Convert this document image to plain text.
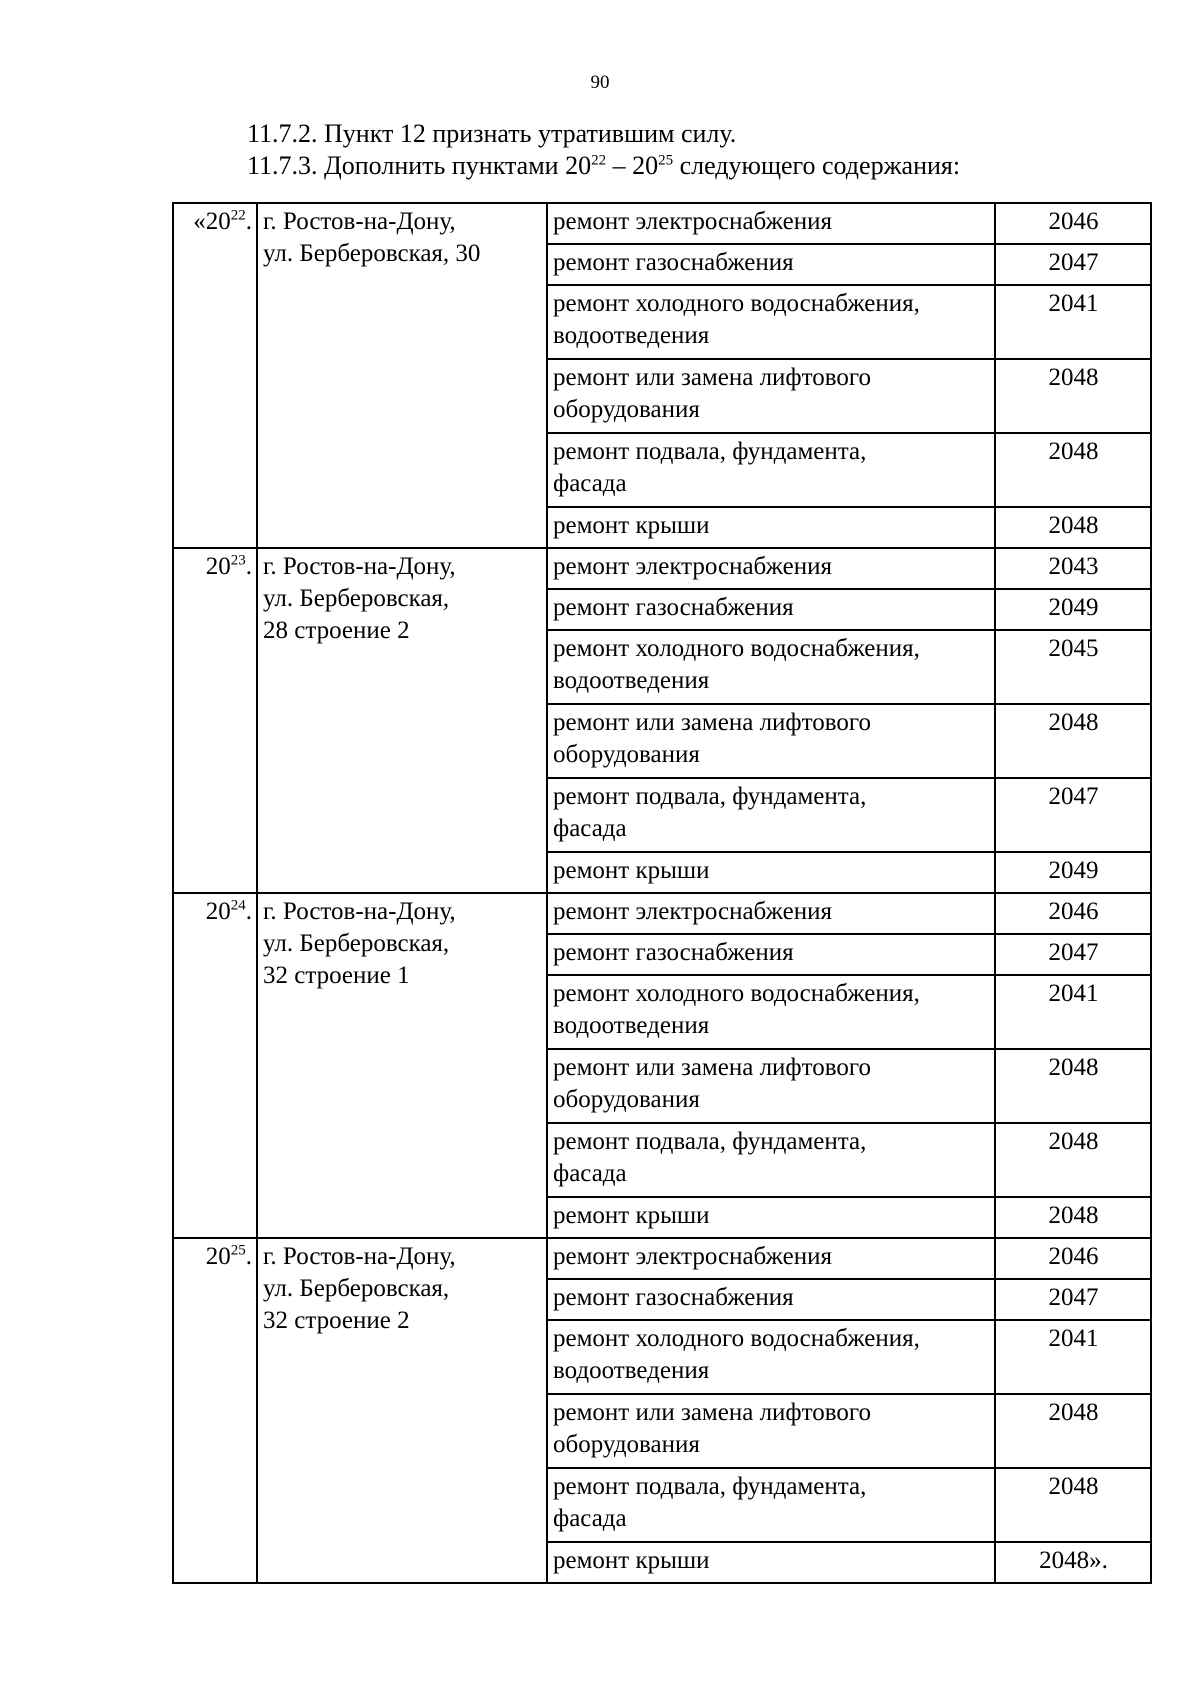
90
11.7.2. Пункт 12 признать утратившим силу.
11.7.3. Дополнить пунктами $20^{22} - 20^{25}$ следующего содержания:
«$20^{22}$.	г. Ростов-на-Дону,
ул. Берберовская, 30	ремонт электроснабжения	2046

		ремонт газоснабжения	2047

		ремонт холодного водоснабжения,
водоотведения	2041

		ремонт или замена лифтового
оборудования	2048

		ремонт подвала, фундамента,
фасада	2048

		ремонт крыши	2048
$20^{23}$.	г. Ростов-на-Дону,
ул. Берберовская,
28 строение 2	ремонт электроснабжения	2043

		ремонт газоснабжения	2049

		ремонт холодного водоснабжения,
водоотведения	2045

		ремонт или замена лифтового
оборудования	2048

		ремонт подвала, фундамента,
фасада	2047

		ремонт крыши	2049
$20^{24}$.	г. Ростов-на-Дону,
ул. Берберовская,
32 строение 1	ремонт электроснабжения	2046

		ремонт газоснабжения	2047

		ремонт холодного водоснабжения,
водоотведения	2041

		ремонт или замена лифтового
оборудования	2048

		ремонт подвала, фундамента,
фасада	2048

		ремонт крыши	2048
$20^{25}$.	г. Ростов-на-Дону,
ул. Берберовская,
32 строение 2	ремонт электроснабжения	2046

		ремонт газоснабжения	2047

		ремонт холодного водоснабжения,
водоотведения	2041

		ремонт или замена лифтового
оборудования	2048

		ремонт подвала, фундамента,
фасада	2048

		ремонт крыши	2048».
